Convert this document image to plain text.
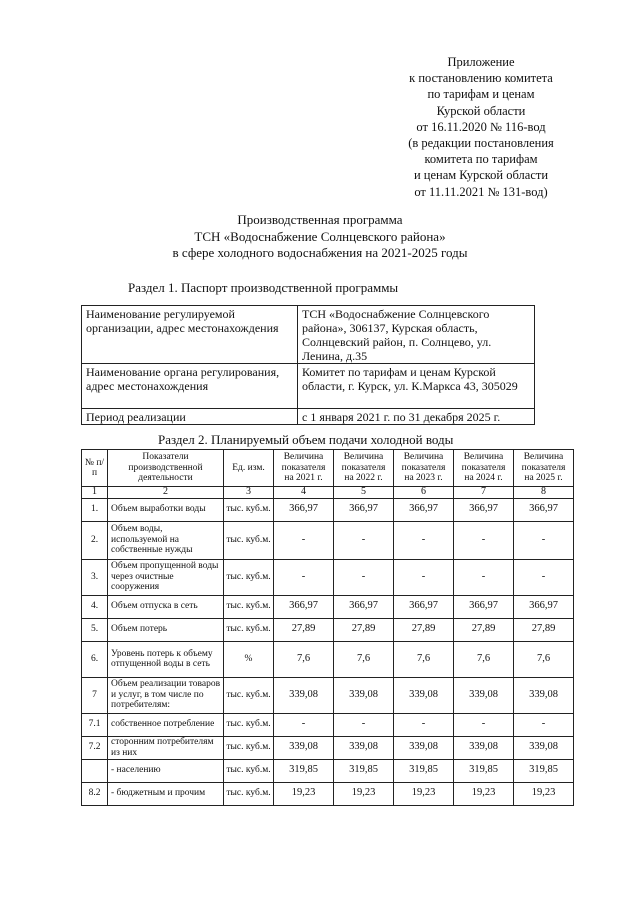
Приложение
к постановлению комитета
по тарифам и ценам
Курской области
от 16.11.2020 № 116-вод
(в редакции постановления
комитета по тарифам
и ценам Курской области
от 11.11.2021 № 131-вод)
Производственная программа
ТСН «Водоснабжение Солнцевского района»
в сфере холодного водоснабжения на 2021-2025 годы
Раздел 1. Паспорт производственной программы
Наименование регулируемой организации, адрес местонахождения	ТСН «Водоснабжение Солнцевского района», 306137, Курская область, Солнцевский район, п. Солнцево, ул. Ленина, д.35
Наименование органа регулирования, адрес местонахождения	Комитет по тарифам и ценам Курской области, г. Курск, ул. К.Маркса 43, 305029
Период реализации	с 1 января 2021 г. по 31 декабря 2025 г.
Раздел 2. Планируемый объем подачи холодной воды
№ п/п	Показатели производственной деятельности	Ед. изм.	Величина показателя на 2021 г.	Величина показателя на 2022 г.	Величина показателя на 2023 г.	Величина показателя на 2024 г.	Величина показателя на 2025 г.
1	2	3	4	5	6	7	8
1.	Объем выработки воды	тыс. куб.м.	366,97	366,97	366,97	366,97	366,97
2.	Объем воды, используемой на собственные нужды	тыс. куб.м.	-	-	-	-	-
3.	Объем пропущенной воды через очистные сооружения	тыс. куб.м.	-	-	-	-	-
4.	Объем отпуска в сеть	тыс. куб.м.	366,97	366,97	366,97	366,97	366,97
5.	Объем потерь	тыс. куб.м.	27,89	27,89	27,89	27,89	27,89
6.	Уровень потерь к объему отпущенной воды в сеть	%	7,6	7,6	7,6	7,6	7,6
7	Объем реализации товаров и услуг, в том числе по потребителям:	тыс. куб.м.	339,08	339,08	339,08	339,08	339,08
7.1	собственное потребление	тыс. куб.м.	-	-	-	-	-
7.2	сторонним потребителям из них	тыс. куб.м.	339,08	339,08	339,08	339,08	339,08
	- населению	тыс. куб.м.	319,85	319,85	319,85	319,85	319,85
8.2	- бюджетным и прочим	тыс. куб.м.	19,23	19,23	19,23	19,23	19,23
